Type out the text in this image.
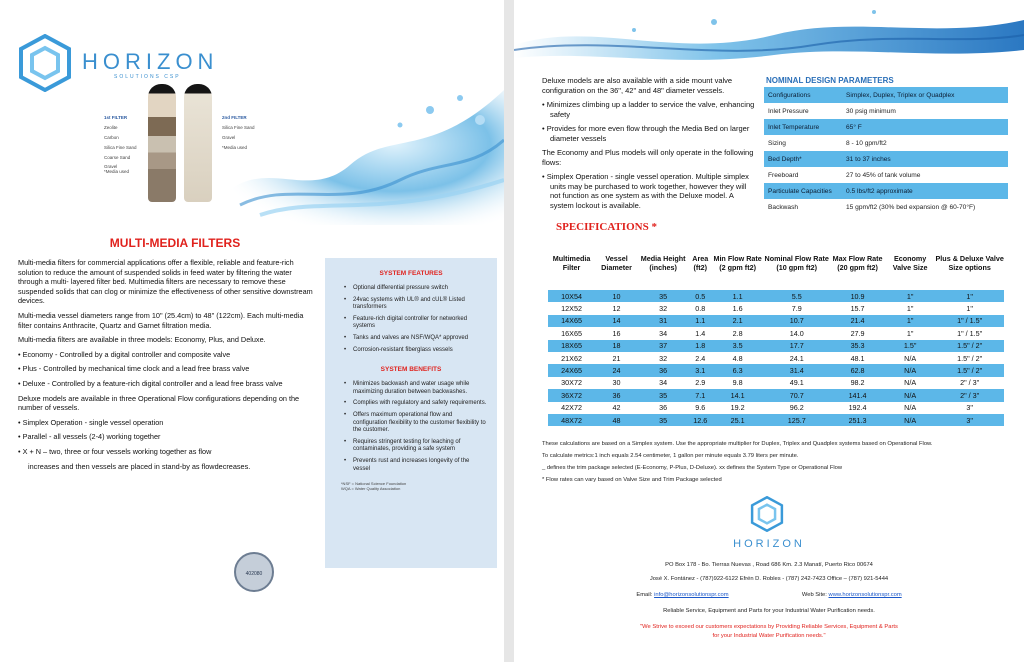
HORIZON
SOLUTIONS CSP
1st FILTER

Zeolite

Carbon

Silica Fine Sand

Coarse Sand

Gravel
*Media used
2nd FILTER

Silica Fine Sand

Gravel

*Media used
MULTI-MEDIA FILTERS

Multi-media filters for commercial applications offer a flexible, reliable and feature-rich solution to reduce the amount of suspended solids in feed water by filtering the water through a multi- layered filter bed. Multimedia filters are necessary to remove these suspended solids that can clog or minimize the effectiveness of other sensitive downstream devices.

Multi-media vessel diameters range from 10" (25.4cm) to 48" (122cm). Each multi-media filter contains Anthracite, Quartz and Garnet filtration media.

Multi-media filters are available in three models: Economy, Plus, and Deluxe.

• Economy - Controlled by a digital controller and composite valve
• Plus - Controlled by mechanical time clock and a lead free brass valve
• Deluxe - Controlled by a feature-rich digital controller and a lead free brass valve

Deluxe models are available in three Operational Flow configurations depending on the number of vessels.

• Simplex Operation - single vessel operation
• Parallel - all vessels (2-4) working together
• X + N – two, three or four vessels working together as flow

increases and then vessels are placed in stand-by as flowdecreases.

SYSTEM FEATURES
• Optional differential pressure switch
• 24vac systems with UL® and cUL® Listed transformers
• Feature-rich digital controller for networked systems
• Tanks and valves are NSF/WQA* approved
• Corrosion-resistant fiberglass vessels
SYSTEM BENEFITS
• Minimizes backwash and water usage while maximizing duration between backwashes.
• Complies with regulatory and safety requirements.
• Offers maximum operational flow and configuration flexibility to the customer flexibility to the customer.
• Requires stringent testing for leaching of contaminates, providing a safe system
• Prevents rust and increases longevity of the vessel
*NSF = National Science Foundation
WQA = Water Quality Association
402080

Deluxe models are also available with a side mount valve configuration on the 36", 42" and 48" diameter vessels.

• Minimizes climbing up a ladder to service the valve, enhancing safety
• Provides for more even flow through the Media Bed on larger diameter vessels

The Economy and Plus models will only operate in the following flows:

• Simplex Operation - single vessel operation. Multiple simplex units may be purchased to work together, however they will not function as one system as with the Deluxe model. A system lockout is available.
NOMINAL DESIGN PARAMETERS
Configurations	Simplex, Duplex, Triplex or Quadplex
Inlet Pressure	30 psig minimum
Inlet Temperature	65° F
Sizing	8 - 10 gpm/ft2
Bed Depth*	31 to 37 inches
Freeboard	27 to 45% of tank volume
Particulate Capacities	0.5 lbs/ft2 approximate
Backwash	15 gpm/ft2 (30% bed expansion @ 60-70°F)
SPECIFICATIONS *
Multimedia Filter	Vessel Diameter	Media Height (inches)	Area (ft2)	Min Flow Rate (2 gpm ft2)	Nominal Flow Rate (10 gpm ft2)	Max Flow Rate (20 gpm ft2)	Economy Valve Size	Plus & Deluxe Valve Size options
10X54	10	35	0.5	1.1	5.5	10.9	1"	1"
12X52	12	32	0.8	1.6	7.9	15.7	1"	1"
14X65	14	31	1.1	2.1	10.7	21.4	1"	1" / 1.5"
16X65	16	34	1.4	2.8	14.0	27.9	1"	1" / 1.5"
18X65	18	37	1.8	3.5	17.7	35.3	1.5"	1.5" / 2"
21X62	21	32	2.4	4.8	24.1	48.1	N/A	1.5" / 2"
24X65	24	36	3.1	6.3	31.4	62.8	N/A	1.5" / 2"
30X72	30	34	2.9	9.8	49.1	98.2	N/A	2" / 3"
36X72	36	35	7.1	14.1	70.7	141.4	N/A	2" / 3"
42X72	42	36	9.6	19.2	96.2	192.4	N/A	3"
48X72	48	35	12.6	25.1	125.7	251.3	N/A	3"

These calculations are based on a Simplex system. Use the appropriate multiplier for Duplex, Triplex and Quadplex systems based on Operational Flow.

To calculate metrics:1 inch equals 2.54 centimeter, 1 gallon per minute equals 3.79 liters per minute.

_ defines the trim package selected (E-Economy, P-Plus, D-Deluxe). xx defines the System Type or Operational Flow

* Flow rates can vary based on Valve Size and Trim Package selected

HORIZON
PO Box 178 - Bo. Tierras Nuevas , Road 686 Km. 2.3 Manatí, Puerto Rico 00674
José X. Fontánez - (787)922-6122 Efrén D. Robles - (787) 242-7423 Office – (787) 921-5444
Email: info@horizonsolutionspr.com	Web Site: www.horizonsolutionspr.com
Reliable Service, Equipment and Parts for your Industrial Water Purification needs.
"We Strive to exceed our customers expectations by Providing Reliable Services, Equipment & Parts
for your Industrial Water Purification needs."
